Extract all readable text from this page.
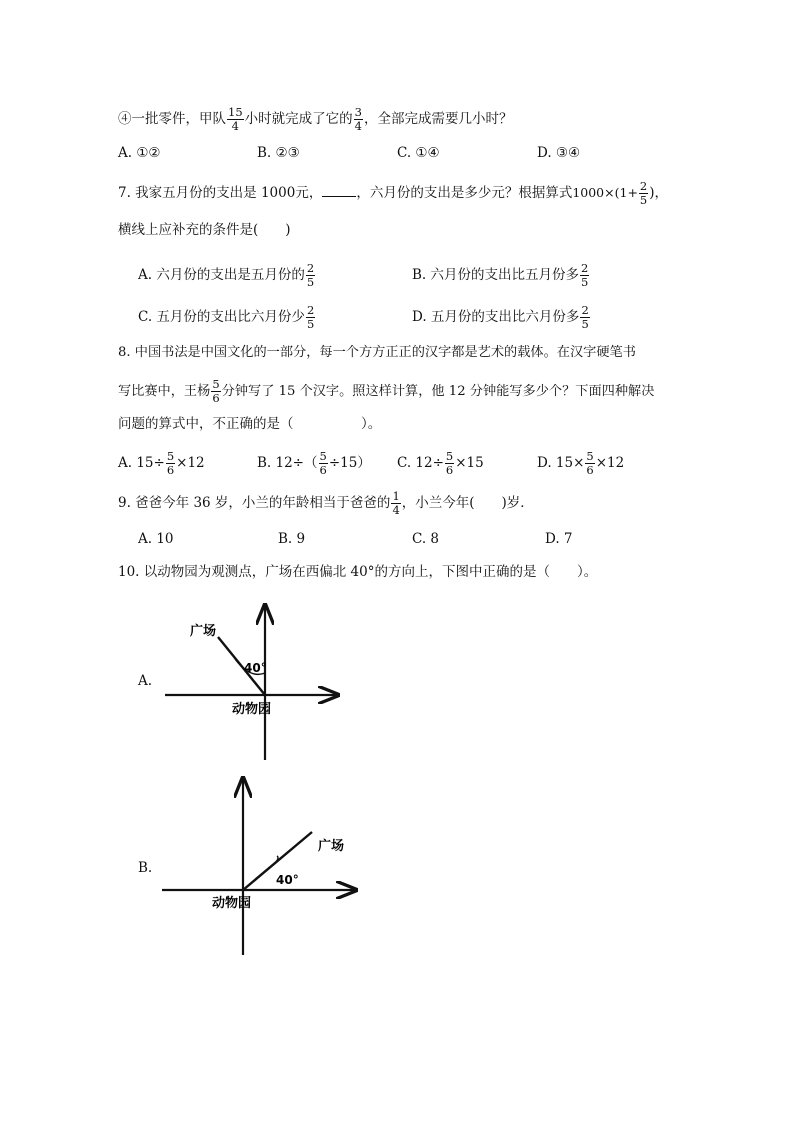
④一批零件，甲队 $\frac{15}{4}$ 小时就完成了它的 $\frac{3}{4}$ ，全部完成需要几小时？
A. ①②	B. ②③	C. ①④	D. ③④
7. 我家五月份的支出是 1000元，	，六月份的支出是多少元？根据算式$1000\times(1+ \frac{2}{5}$ )，
横线上应补充的条件是(　　)
A. 六月份的支出是五月份的 $\frac{2}{5}$	B. 六月份的支出比五月份多 $\frac{2}{5}$
C. 五月份的支出比六月份少 $\frac{2}{5}$	D. 五月份的支出比六月份多 $\frac{2}{5}$
8. 中国书法是中国文化的一部分，每一个方方正正的汉字都是艺术的载体。在汉字硬笔书
写比赛中，王杨 $\frac{5}{6}$ 分钟写了 15 个汉字。照这样计算，他 12 分钟能写多少个？下面四种解决
问题的算式中，不正确的是（　　　　　）。
A. $15\div \frac{5}{6} \times 12$	B. $12\div( \frac{5}{6} \div 15)$ C. $12\div \frac{5}{6} \times 15$	D. $15\times \frac{5}{6} \times 12$
9. 爸爸今年 36 岁，小兰的年龄相当于爸爸的 $\frac{1}{4}$ ，小兰今年(　　)岁．
A. 10	B. 9	C. 8	D. 7
10. 以动物园为观测点，广场在西偏北 40°的方向上，下图中正确的是（　　）。
A.
40°
广场
动物园
B.
40°
广场
动物园
